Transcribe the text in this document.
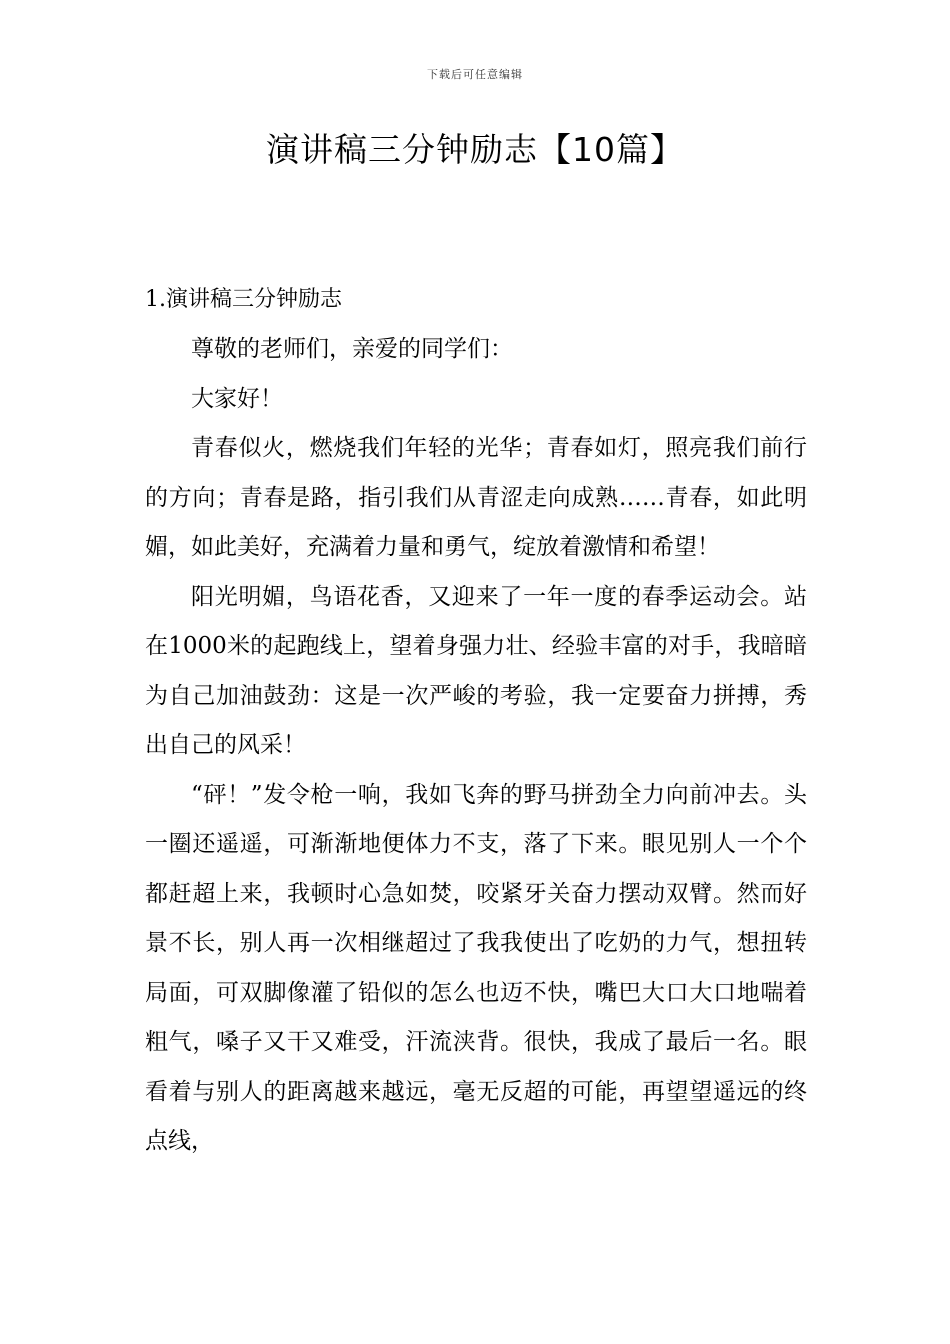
下载后可任意编辑
演讲稿三分钟励志【10篇】
1.演讲稿三分钟励志

尊敬的老师们，亲爱的同学们：

大家好！

青春似火，燃烧我们年轻的光华；青春如灯，照亮我们前行的方向；青春是路，指引我们从青涩走向成熟……青春，如此明媚，如此美好，充满着力量和勇气，绽放着激情和希望！

阳光明媚，鸟语花香，又迎来了一年一度的春季运动会。站在1000米的起跑线上，望着身强力壮、经验丰富的对手，我暗暗为自己加油鼓劲：这是一次严峻的考验，我一定要奋力拼搏，秀出自己的风采！

“砰！”发令枪一响，我如飞奔的野马拼劲全力向前冲去。头一圈还遥遥，可渐渐地便体力不支，落了下来。眼见别人一个个都赶超上来，我顿时心急如焚，咬紧牙关奋力摆动双臂。然而好景不长，别人再一次相继超过了我我使出了吃奶的力气，想扭转局面，可双脚像灌了铅似的怎么也迈不快，嘴巴大口大口地喘着粗气，嗓子又干又难受，汗流浃背。很快，我成了最后一名。眼看着与别人的距离越来越远，毫无反超的可能，再望望遥远的终点线，
